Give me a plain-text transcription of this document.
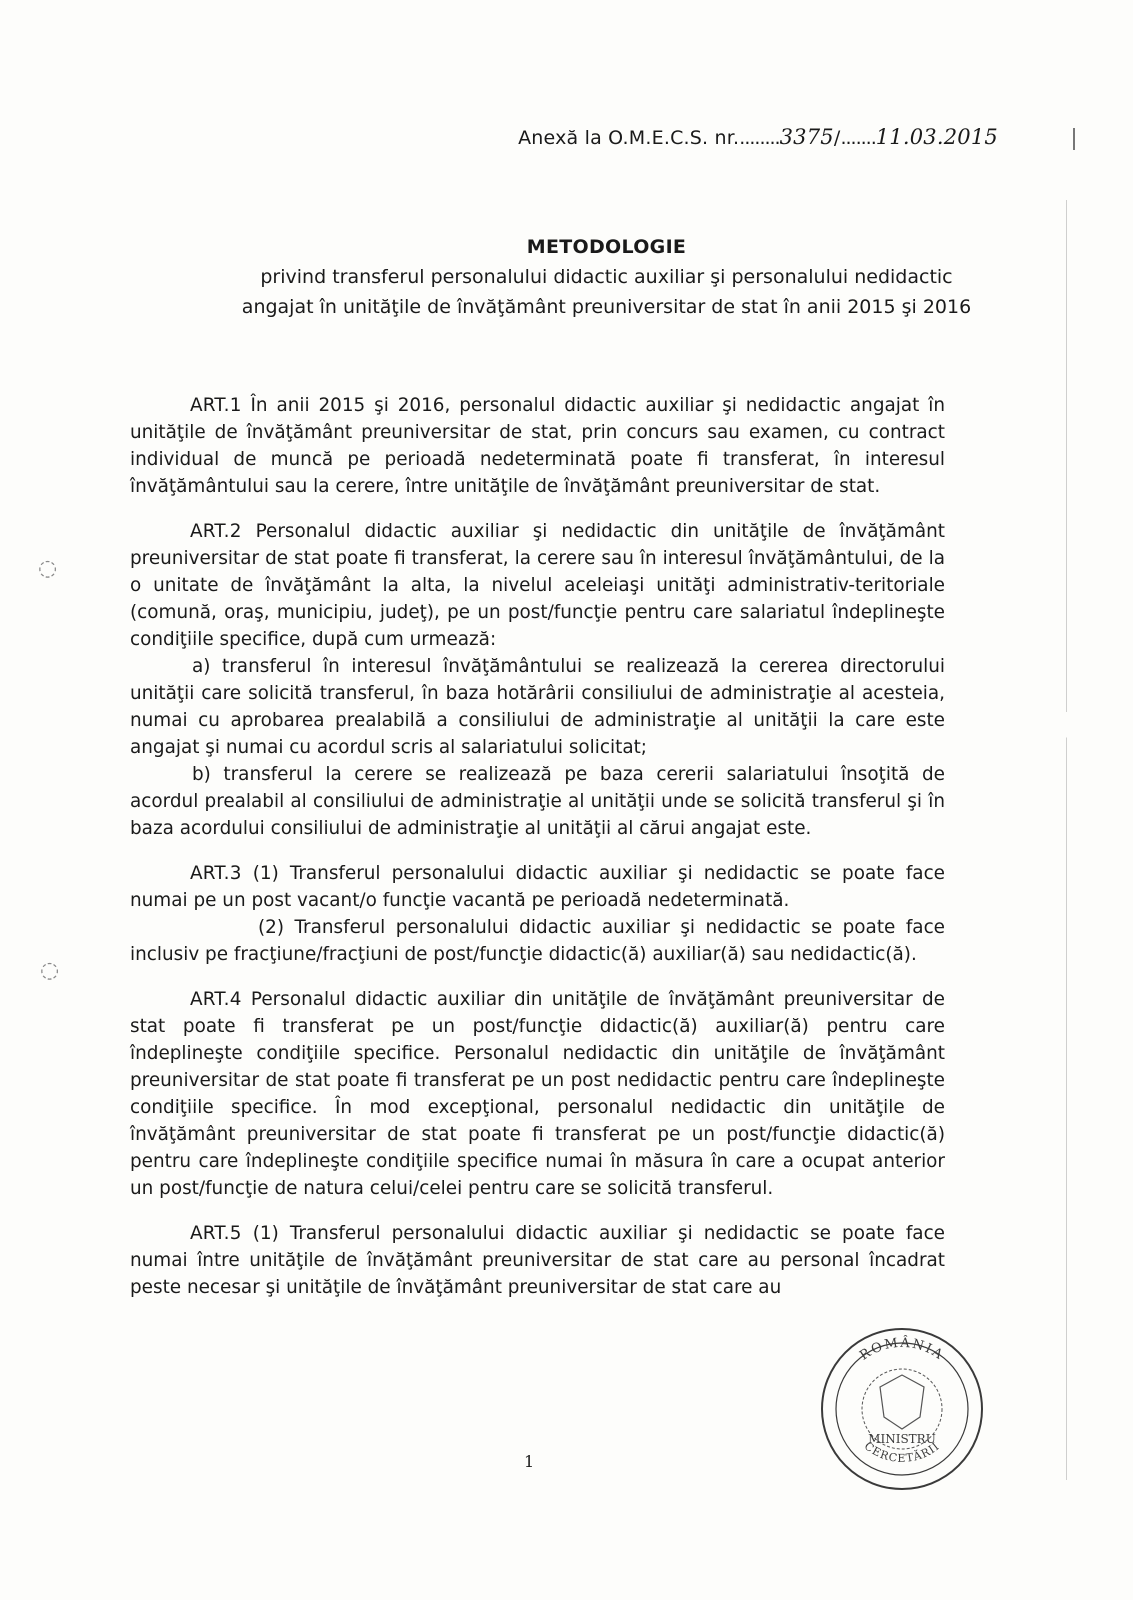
◌
◌
Anexă la O.M.E.C.S. nr.........3375/.......11.03.2015
METODOLOGIE
privind transferul personalului didactic auxiliar şi personalului nedidactic
angajat în unităţile de învăţământ preuniversitar de stat în anii 2015 şi 2016

ART.1 În anii 2015 şi 2016, personalul didactic auxiliar şi nedidactic angajat în unităţile de învăţământ preuniversitar de stat, prin concurs sau examen, cu contract individual de muncă pe perioadă nedeterminată poate fi transferat, în interesul învăţământului sau la cerere, între unităţile de învăţământ preuniversitar de stat.

ART.2 Personalul didactic auxiliar şi nedidactic din unităţile de învăţământ preuniversitar de stat poate fi transferat, la cerere sau în interesul învăţământului, de la o unitate de învăţământ la alta, la nivelul aceleiaşi unităţi administrativ-teritoriale (comună, oraş, municipiu, judeţ), pe un post/funcţie pentru care salariatul îndeplineşte condiţiile specifice, după cum urmează:

a) transferul în interesul învăţământului se realizează la cererea directorului unităţii care solicită transferul, în baza hotărârii consiliului de administraţie al acesteia, numai cu aprobarea prealabilă a consiliului de administraţie al unităţii la care este angajat şi numai cu acordul scris al salariatului solicitat;

b) transferul la cerere se realizează pe baza cererii salariatului însoţită de acordul prealabil al consiliului de administraţie al unităţii unde se solicită transferul şi în baza acordului consiliului de administraţie al unităţii al cărui angajat este.

ART.3 (1) Transferul personalului didactic auxiliar şi nedidactic se poate face numai pe un post vacant/o funcţie vacantă pe perioadă nedeterminată.

(2) Transferul personalului didactic auxiliar şi nedidactic se poate face inclusiv pe fracţiune/fracţiuni de post/funcţie didactic(ă) auxiliar(ă) sau nedidactic(ă).

ART.4 Personalul didactic auxiliar din unităţile de învăţământ preuniversitar de stat poate fi transferat pe un post/funcţie didactic(ă) auxiliar(ă) pentru care îndeplineşte condiţiile specifice. Personalul nedidactic din unităţile de învăţământ preuniversitar de stat poate fi transferat pe un post nedidactic pentru care îndeplineşte condiţiile specifice. În mod excepţional, personalul nedidactic din unităţile de învăţământ preuniversitar de stat poate fi transferat pe un post/funcţie didactic(ă) pentru care îndeplineşte condiţiile specifice numai în măsura în care a ocupat anterior un post/funcţie de natura celui/celei pentru care se solicită transferul.

ART.5 (1) Transferul personalului didactic auxiliar şi nedidactic se poate face numai între unităţile de învăţământ preuniversitar de stat care au personal încadrat peste necesar şi unităţile de învăţământ preuniversitar de stat care au

1
ROMÂNIA
CERCETĂRII
MINISTRU
